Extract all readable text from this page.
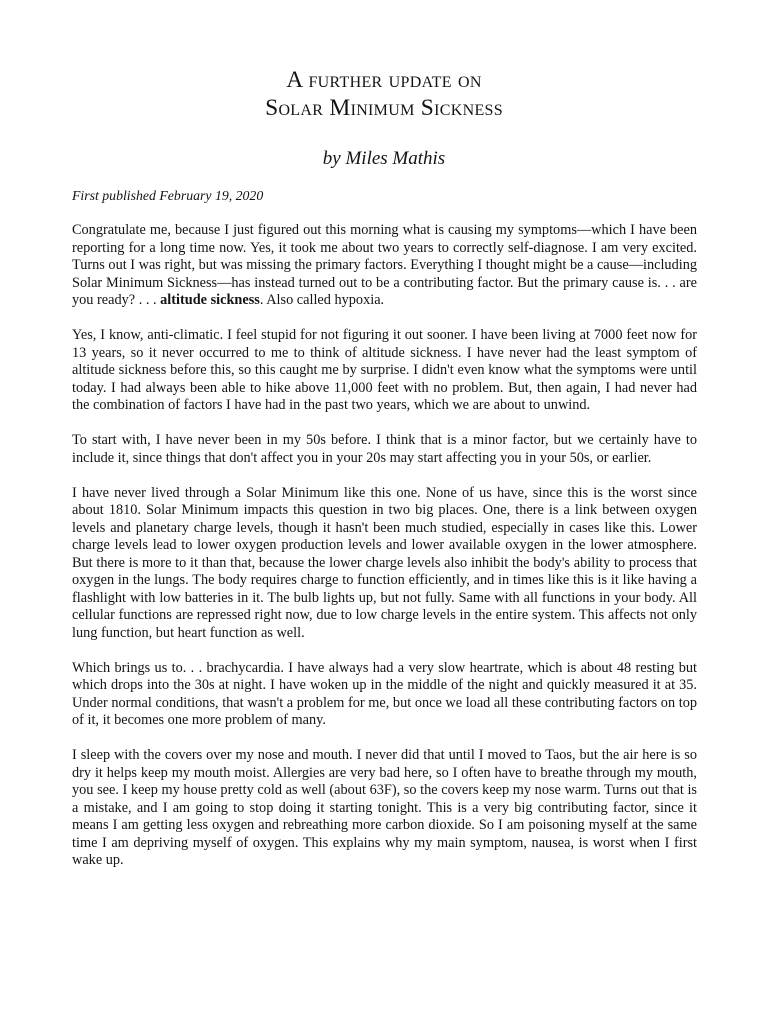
A further update on
Solar Minimum Sickness

by Miles Mathis

First published February 19, 2020

Congratulate me, because I just figured out this morning what is causing my symptoms—which I have been reporting for a long time now. Yes, it took me about two years to correctly self-diagnose. I am very excited. Turns out I was right, but was missing the primary factors. Everything I thought might be a cause—including Solar Minimum Sickness—has instead turned out to be a contributing factor. But the primary cause is. . . are you ready? . . . altitude sickness. Also called hypoxia.

Yes, I know, anti-climatic. I feel stupid for not figuring it out sooner. I have been living at 7000 feet now for 13 years, so it never occurred to me to think of altitude sickness. I have never had the least symptom of altitude sickness before this, so this caught me by surprise. I didn't even know what the symptoms were until today. I had always been able to hike above 11,000 feet with no problem. But, then again, I had never had the combination of factors I have had in the past two years, which we are about to unwind.

To start with, I have never been in my 50s before. I think that is a minor factor, but we certainly have to include it, since things that don't affect you in your 20s may start affecting you in your 50s, or earlier.

I have never lived through a Solar Minimum like this one. None of us have, since this is the worst since about 1810. Solar Minimum impacts this question in two big places. One, there is a link between oxygen levels and planetary charge levels, though it hasn't been much studied, especially in cases like this. Lower charge levels lead to lower oxygen production levels and lower available oxygen in the lower atmosphere. But there is more to it than that, because the lower charge levels also inhibit the body's ability to process that oxygen in the lungs. The body requires charge to function efficiently, and in times like this is it like having a flashlight with low batteries in it. The bulb lights up, but not fully. Same with all functions in your body. All cellular functions are repressed right now, due to low charge levels in the entire system. This affects not only lung function, but heart function as well.

Which brings us to. . . brachycardia. I have always had a very slow heartrate, which is about 48 resting but which drops into the 30s at night. I have woken up in the middle of the night and quickly measured it at 35. Under normal conditions, that wasn't a problem for me, but once we load all these contributing factors on top of it, it becomes one more problem of many.

I sleep with the covers over my nose and mouth. I never did that until I moved to Taos, but the air here is so dry it helps keep my mouth moist. Allergies are very bad here, so I often have to breathe through my mouth, you see. I keep my house pretty cold as well (about 63F), so the covers keep my nose warm. Turns out that is a mistake, and I am going to stop doing it starting tonight. This is a very big contributing factor, since it means I am getting less oxygen and rebreathing more carbon dioxide. So I am poisoning myself at the same time I am depriving myself of oxygen. This explains why my main symptom, nausea, is worst when I first wake up.
